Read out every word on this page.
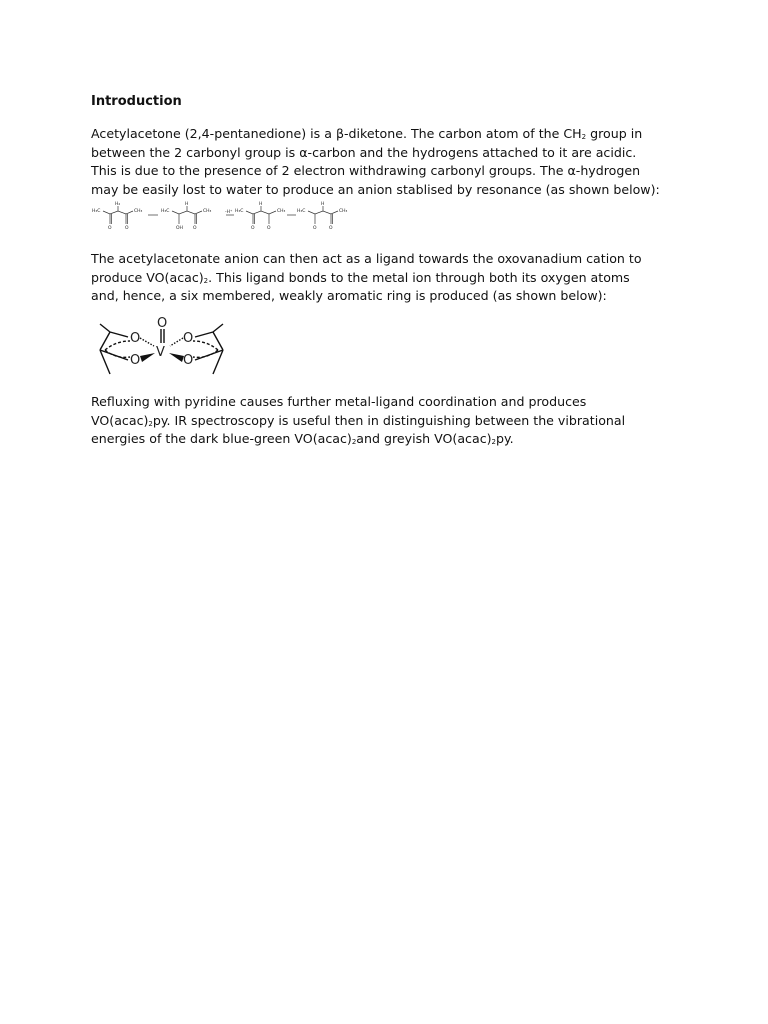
Introduction

Acetylacetone (2,4-pentanedione) is a β-diketone. The carbon atom of the $CH_2$ group in between the 2 carbonyl group is α-carbon and the hydrogens attached to it are acidic. This is due to the presence of 2 electron withdrawing carbonyl groups. The α-hydrogen may be easily lost to water to produce an anion stablised by resonance (as shown below):

H₃C	CH₃
H₂
O	O
H₃C	CH₃
H
OH O
-H⁺ H₃C	CH₃
H
O	O
H₃C	CH₃
H
O	O

The acetylacetonate anion can then act as a ligand towards the oxovanadium cation to produce $VO(acac)_2$. This ligand bonds to the metal ion through both its oxygen atoms and, hence, a six membered, weakly aromatic ring is produced (as shown below):

O
V
O
O
O
O

Refluxing with pyridine causes further metal-ligand coordination and produces $VO(acac)_2py$. IR spectroscopy is useful then in distinguishing between the vibrational energies of the dark blue-green $VO(acac)_2and$ greyish $VO(acac)_2py$.
